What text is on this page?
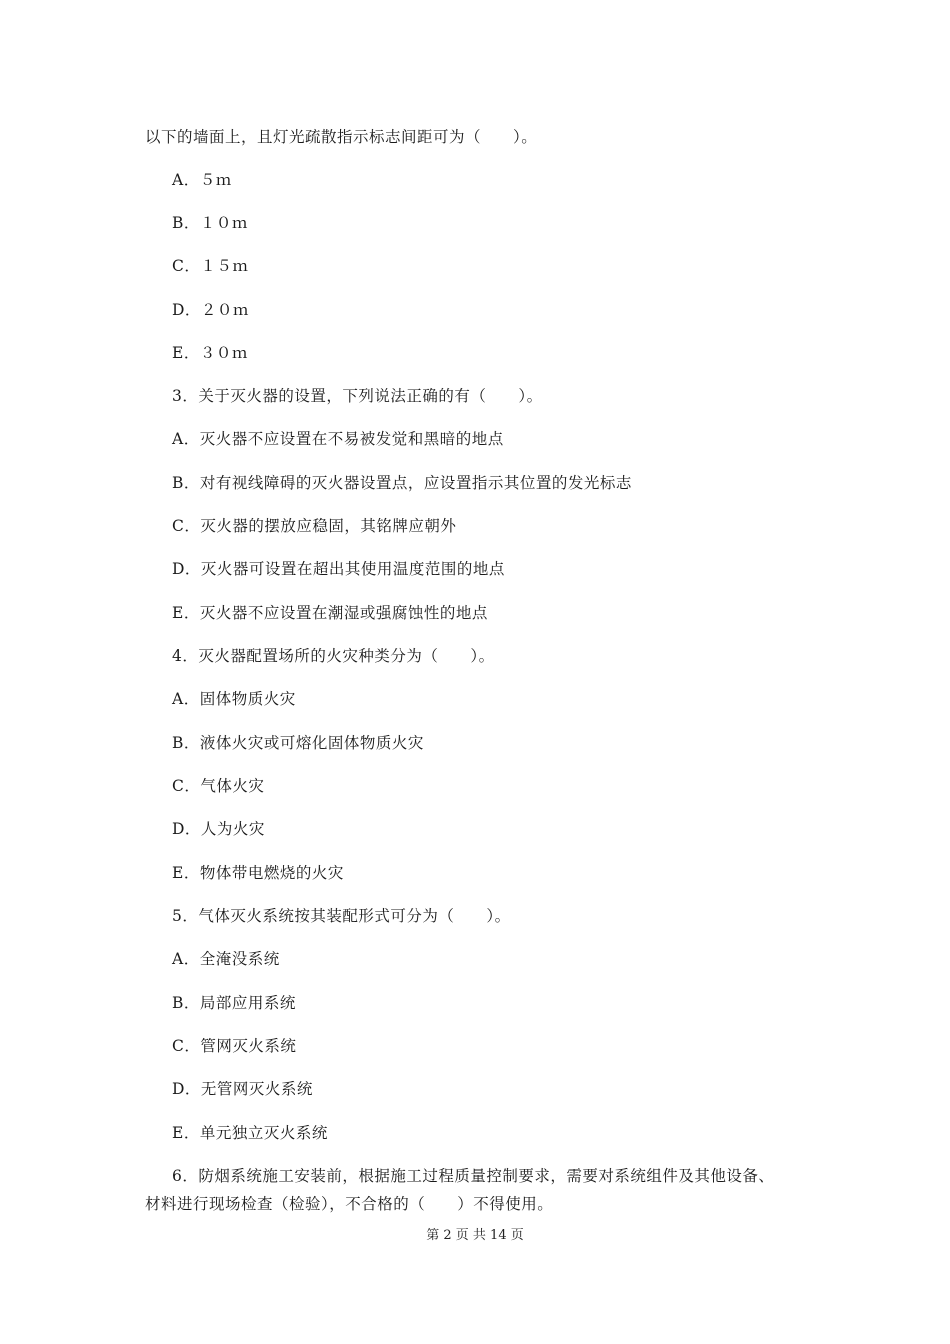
以下的墙面上，且灯光疏散指示标志间距可为（　　）。
A．５ｍ
B．１０ｍ
C．１５ｍ
D．２０ｍ
E．３０ｍ
3．关于灭火器的设置，下列说法正确的有（　　）。
A．灭火器不应设置在不易被发觉和黑暗的地点
B．对有视线障碍的灭火器设置点，应设置指示其位置的发光标志
C．灭火器的摆放应稳固，其铭牌应朝外
D．灭火器可设置在超出其使用温度范围的地点
E．灭火器不应设置在潮湿或强腐蚀性的地点
4．灭火器配置场所的火灾种类分为（　　）。
A．固体物质火灾
B．液体火灾或可熔化固体物质火灾
C．气体火灾
D．人为火灾
E．物体带电燃烧的火灾
5．气体灭火系统按其装配形式可分为（　　）。
A．全淹没系统
B．局部应用系统
C．管网灭火系统
D．无管网灭火系统
E．单元独立灭火系统
6．防烟系统施工安装前，根据施工过程质量控制要求，需要对系统组件及其他设备、
材料进行现场检查（检验），不合格的（　　）不得使用。
第 2 页 共 14 页
